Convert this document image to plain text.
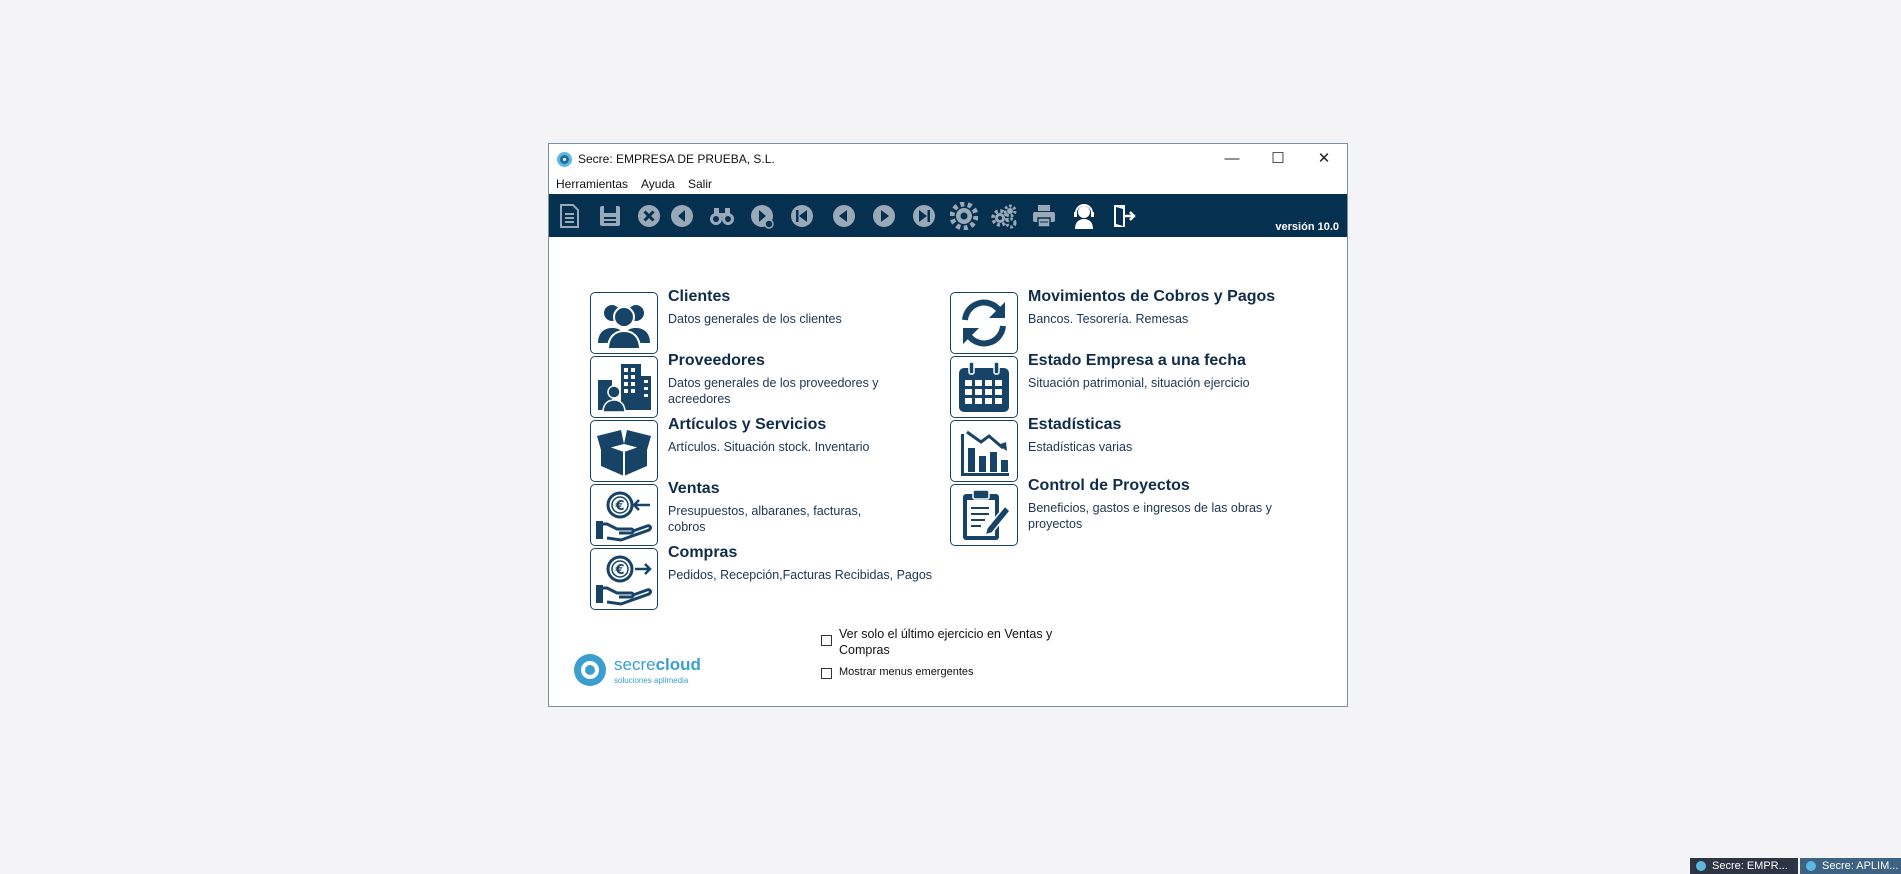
Secre: EMPRESA DE PRUEBA, S.L.	—	☐	✕
Herramientas Ayuda Salir
versión 10.0
Clientes
Datos generales de los clientes
Proveedores
Datos generales de los proveedores y acreedores
Artículos y Servicios
Artículos. Situación stock. Inventario
€
Ventas
Presupuestos, albaranes, facturas, cobros
€
Compras
Pedidos, Recepción,Facturas Recibidas, Pagos
Movimientos de Cobros y Pagos
Bancos. Tesorería. Remesas
Estado Empresa a una fecha
Situación patrimonial, situación ejercicio
Estadísticas
Estadísticas varias
Control de Proyectos
Beneficios, gastos e ingresos de las obras y proyectos
Ver solo el último ejercicio en Ventas y Compras
Mostrar menus emergentes
secrecloud
soluciones aplimedia
Secre: EMPR...	Secre: APLIM...
